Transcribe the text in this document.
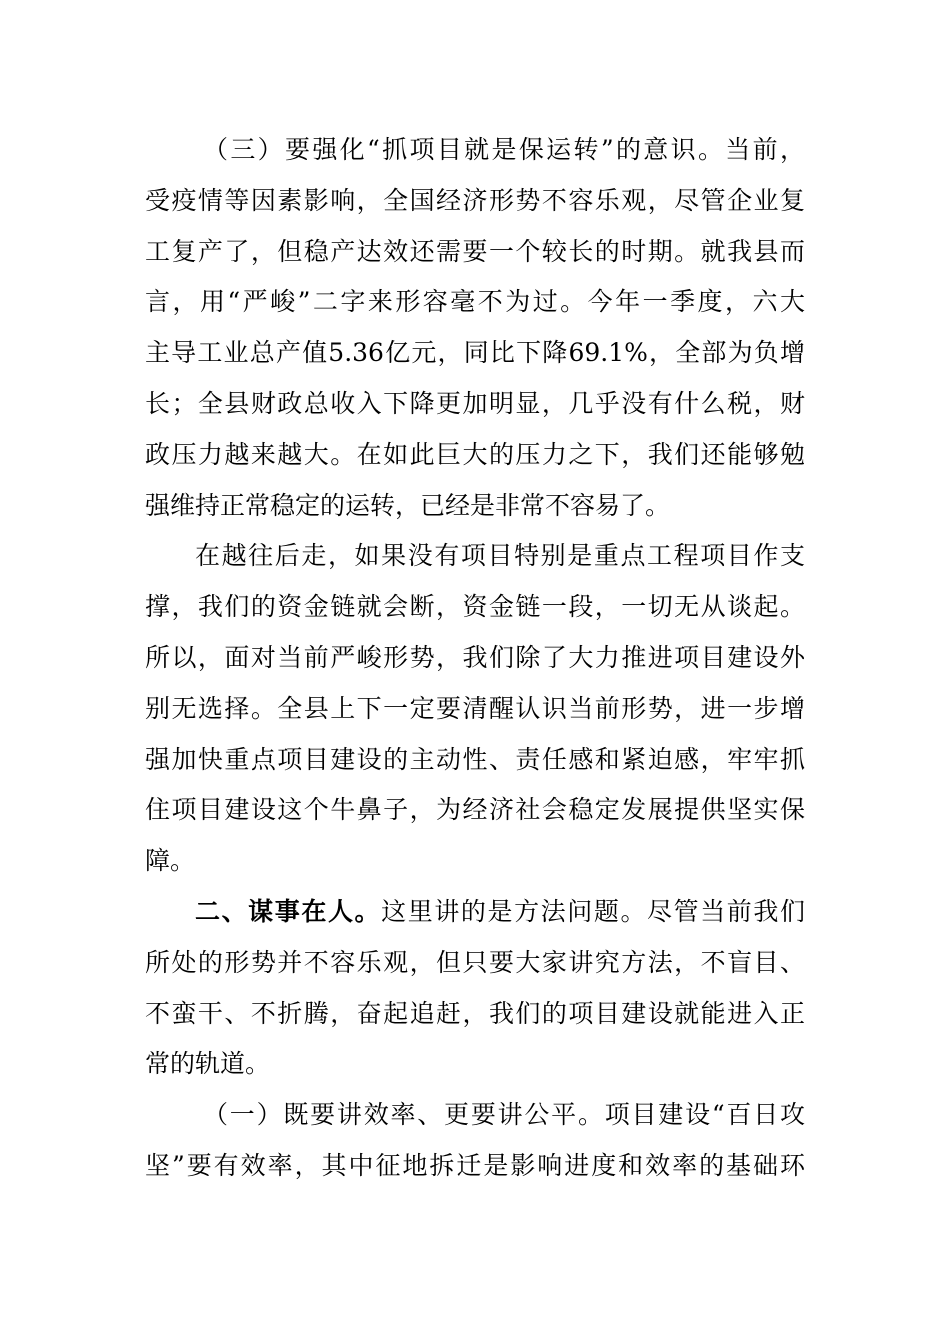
（三）要强化“抓项目就是保运转”的意识。当前，
受疫情等因素影响，全国经济形势不容乐观，尽管企业复
工复产了，但稳产达效还需要一个较长的时期。就我县而
言，用“严峻”二字来形容毫不为过。今年一季度，六大
主导工业总产值5.36亿元，同比下降69.1%，全部为负增
长；全县财政总收入下降更加明显，几乎没有什么税，财
政压力越来越大。在如此巨大的压力之下，我们还能够勉
强维持正常稳定的运转，已经是非常不容易了。
在越往后走，如果没有项目特别是重点工程项目作支
撑，我们的资金链就会断，资金链一段，一切无从谈起。
所以，面对当前严峻形势，我们除了大力推进项目建设外
别无选择。全县上下一定要清醒认识当前形势，进一步增
强加快重点项目建设的主动性、责任感和紧迫感，牢牢抓
住项目建设这个牛鼻子，为经济社会稳定发展提供坚实保
障。
二、谋事在人。这里讲的是方法问题。尽管当前我们
所处的形势并不容乐观，但只要大家讲究方法，不盲目、
不蛮干、不折腾，奋起追赶，我们的项目建设就能进入正
常的轨道。
（一）既要讲效率、更要讲公平。项目建设“百日攻
坚”要有效率，其中征地拆迁是影响进度和效率的基础环
